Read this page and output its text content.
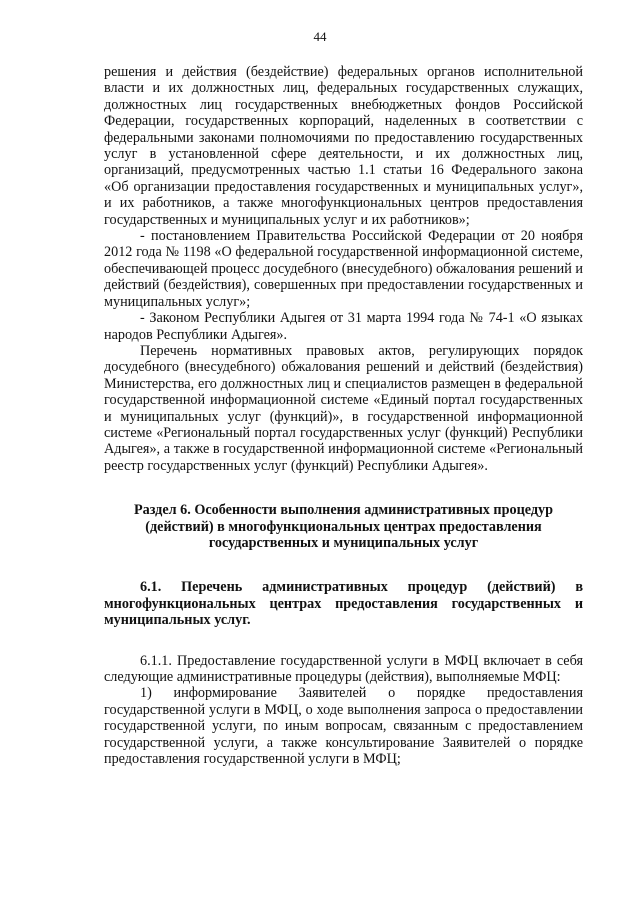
44

решения и действия (бездействие) федеральных органов исполнительной власти и их должностных лиц, федеральных государственных служащих, должностных лиц государственных внебюджетных фондов Российской Федерации, государственных корпораций, наделенных в соответствии с федеральными законами полномочиями по предоставлению государственных услуг в установленной сфере деятельности, и их должностных лиц, организаций, предусмотренных частью 1.1 статьи 16 Федерального закона «Об организации предоставления государственных и муниципальных услуг», и их работников, а также многофункциональных центров предоставления государственных и муниципальных услуг и их работников»;

- постановлением Правительства Российской Федерации от 20 ноября 2012 года № 1198 «О федеральной государственной информационной системе, обеспечивающей процесс досудебного (внесудебного) обжалования решений и действий (бездействия), совершенных при предоставлении государственных и муниципальных услуг»;

- Законом Республики Адыгея от 31 марта 1994 года № 74-1 «О языках народов Республики Адыгея».

Перечень нормативных правовых актов, регулирующих порядок досудебного (внесудебного) обжалования решений и действий (бездействия) Министерства, его должностных лиц и специалистов размещен в федеральной государственной информационной системе «Единый портал государственных и муниципальных услуг (функций)», в государственной информационной системе «Региональный портал государственных услуг (функций) Республики Адыгея», а также в государственной информационной системе «Региональный реестр государственных услуг (функций) Республики Адыгея».

Раздел 6. Особенности выполнения административных процедур (действий) в многофункциональных центрах предоставления государственных и муниципальных услуг

6.1. Перечень административных процедур (действий) в многофункциональных центрах предоставления государственных и муниципальных услуг.

6.1.1. Предоставление государственной услуги в МФЦ включает в себя следующие административные процедуры (действия), выполняемые МФЦ:

1) информирование Заявителей о порядке предоставления государственной услуги в МФЦ, о ходе выполнения запроса о предоставлении государственной услуги, по иным вопросам, связанным с предоставлением государственной услуги, а также консультирование Заявителей о порядке предоставления государственной услуги в МФЦ;
